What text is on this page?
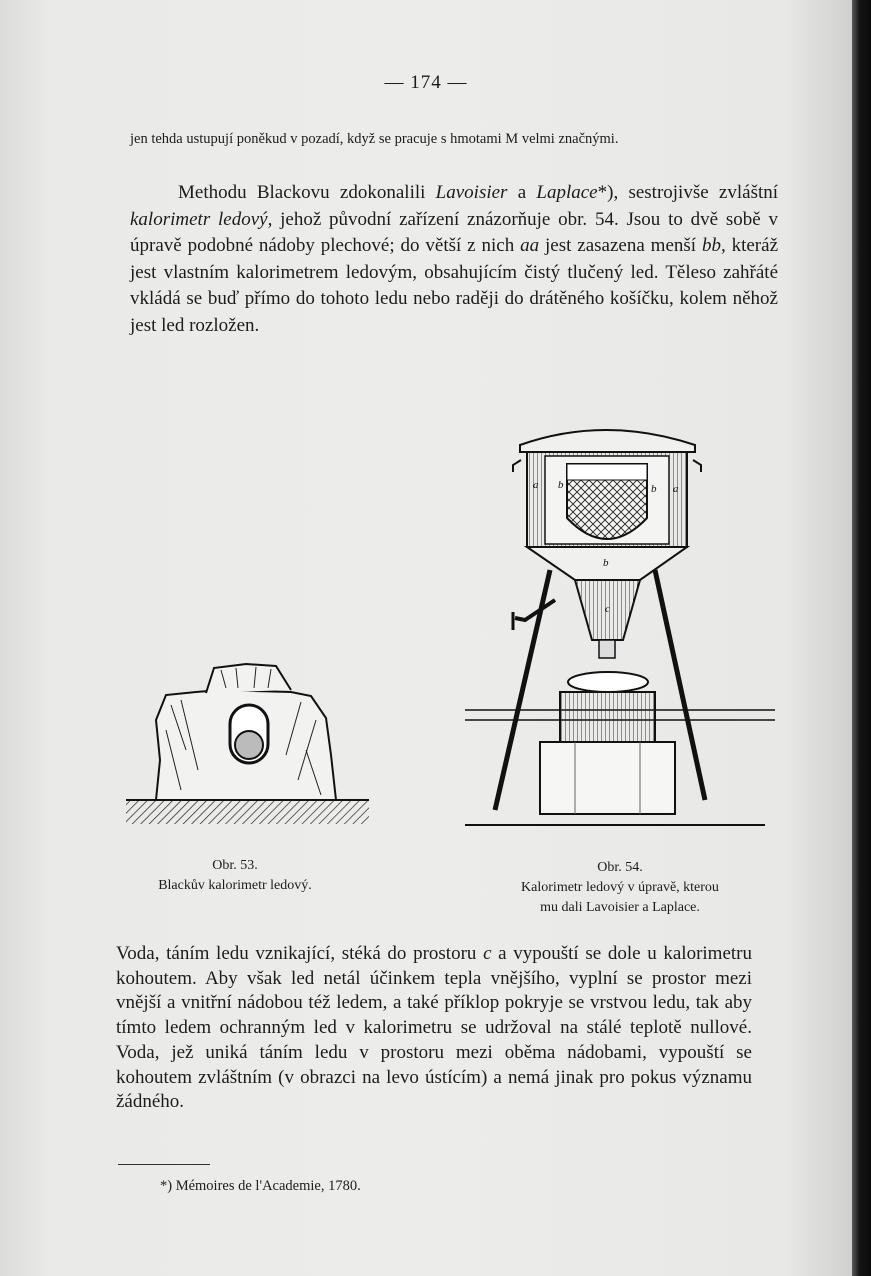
— 174 —
jen tehda ustupují poněkud v pozadí, když se pracuje s hmotami M velmi značnými.
Methodu Blackovu zdokonalili Lavoisier a Laplace*), sestrojivše zvláštní kalorimetr ledový, jehož původní zařízení znázorňuje obr. 54. Jsou to dvě sobě v úpravě podobné nádoby plechové; do větší z nich aa jest zasazena menší bb, kteráž jest vlastním kalorimetrem ledovým, obsahujícím čistý tlučený led. Těleso zahřáté vkládá se buď přímo do tohoto ledu nebo raději do drátěného košíčku, kolem něhož jest led rozložen.
a b	b a
b
c
Obr. 53.
Blackův kalorimetr ledový.
Obr. 54.
Kalorimetr ledový v úpravě, kterou
mu dali Lavoisier a Laplace.
Voda, táním ledu vznikající, stéká do prostoru c a vypouští se dole u kalorimetru kohoutem. Aby však led netál účinkem tepla vnějšího, vyplní se prostor mezi vnější a vnitřní nádobou též ledem, a také příklop pokryje se vrstvou ledu, tak aby tímto ledem ochranným led v kalorimetru se udržoval na stálé teplotě nullové. Voda, jež uniká táním ledu v prostoru mezi oběma nádobami, vypouští se kohoutem zvláštním (v obrazci na levo ústícím) a nemá jinak pro pokus významu žádného.
*) Mémoires de l'Academie, 1780.
